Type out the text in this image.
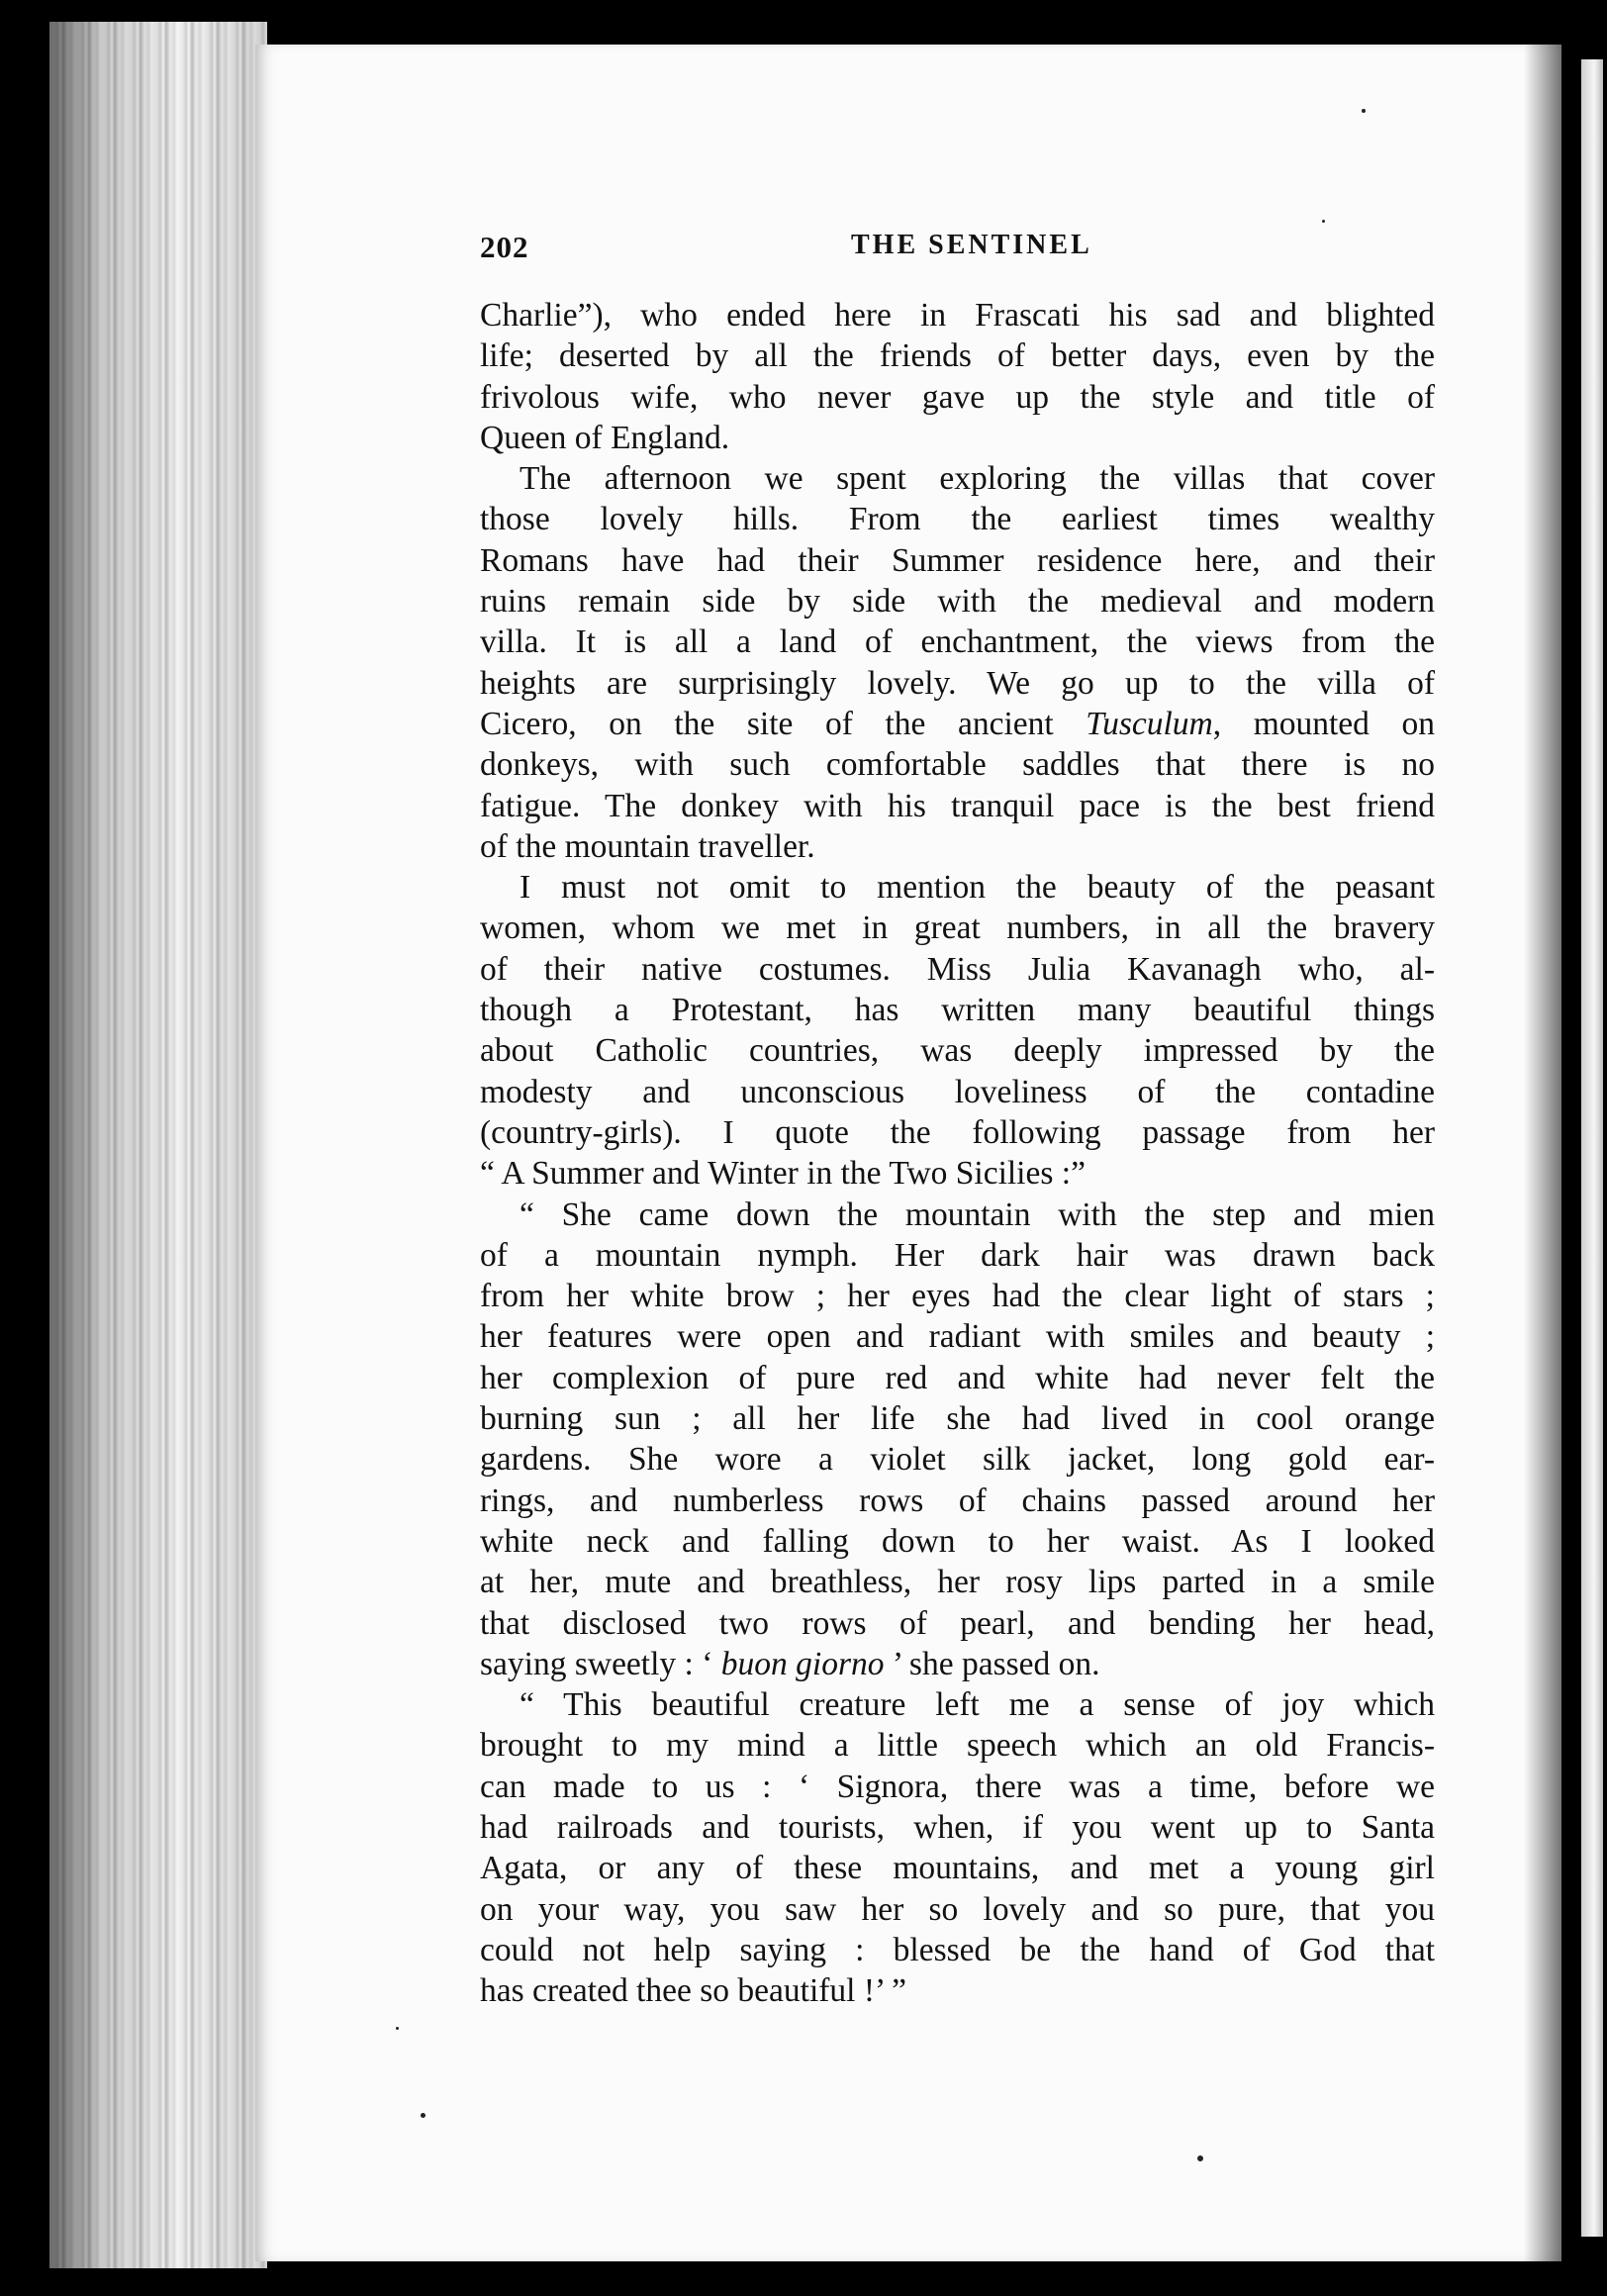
202	THE SENTINEL
Charlie”), who ended here in Frascati his sad and blighted
life; deserted by all the friends of better days, even by the
frivolous wife, who never gave up the style and title of
Queen of England.
The afternoon we spent exploring the villas that cover
those lovely hills. From the earliest times wealthy
Romans have had their Summer residence here, and their
ruins remain side by side with the medieval and modern
villa. It is all a land of enchantment, the views from the
heights are surprisingly lovely. We go up to the villa of
Cicero, on the site of the ancient Tusculum, mounted on
donkeys, with such comfortable saddles that there is no
fatigue. The donkey with his tranquil pace is the best friend
of the mountain traveller.
I must not omit to mention the beauty of the peasant
women, whom we met in great numbers, in all the bravery
of their native costumes. Miss Julia Kavanagh who, al-
though a Protestant, has written many beautiful things
about Catholic countries, was deeply impressed by the
modesty and unconscious loveliness of the contadine
(country-girls). I quote the following passage from her
“ A Summer and Winter in the Two Sicilies :”
“ She came down the mountain with the step and mien
of a mountain nymph. Her dark hair was drawn back
from her white brow ; her eyes had the clear light of stars ;
her features were open and radiant with smiles and beauty ;
her complexion of pure red and white had never felt the
burning sun ; all her life she had lived in cool orange
gardens. She wore a violet silk jacket, long gold ear-
rings, and numberless rows of chains passed around her
white neck and falling down to her waist. As I looked
at her, mute and breathless, her rosy lips parted in a smile
that disclosed two rows of pearl, and bending her head,
saying sweetly : ‘ buon giorno ’ she passed on.
“ This beautiful creature left me a sense of joy which
brought to my mind a little speech which an old Francis-
can made to us : ‘ Signora, there was a time, before we
had railroads and tourists, when, if you went up to Santa
Agata, or any of these mountains, and met a young girl
on your way, you saw her so lovely and so pure, that you
could not help saying : blessed be the hand of God that
has created thee so beautiful !’ ”
